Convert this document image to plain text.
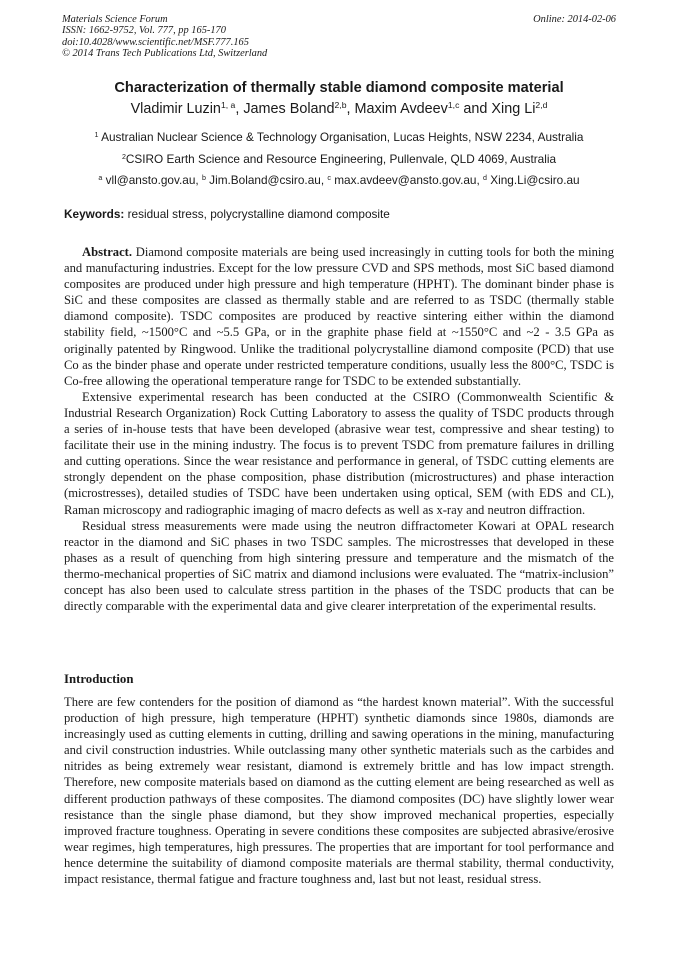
Materials Science Forum
ISSN: 1662-9752, Vol. 777, pp 165-170
doi:10.4028/www.scientific.net/MSF.777.165
© 2014 Trans Tech Publications Ltd, Switzerland
Online: 2014-02-06
Characterization of thermally stable diamond composite material
Vladimir Luzin$^{1, a}$, James Boland$^{2,b}$, Maxim Avdeev$^{1,c}$ and Xing Li$^{2,d}$
$^1$ Australian Nuclear Science & Technology Organisation, Lucas Heights, NSW 2234, Australia
$^2$CSIRO Earth Science and Resource Engineering, Pullenvale, QLD 4069, Australia
$^a$ vll@ansto.gov.au, $^b$ Jim.Boland@csiro.au, $^c$ max.avdeev@ansto.gov.au, $^d$ Xing.Li@csiro.au
Keywords: residual stress, polycrystalline diamond composite

Abstract. Diamond composite materials are being used increasingly in cutting tools for both the mining and manufacturing industries. Except for the low pressure CVD and SPS methods, most SiC based diamond composites are produced under high pressure and high temperature (HPHT). The dominant binder phase is SiC and these composites are classed as thermally stable and are referred to as TSDC (thermally stable diamond composite). TSDC composites are produced by reactive sintering either within the diamond stability field, ~1500°C and ~5.5 GPa, or in the graphite phase field at ~1550°C and ~2 - 3.5 GPa as originally patented by Ringwood. Unlike the traditional polycrystalline diamond composite (PCD) that use Co as the binder phase and operate under restricted temperature conditions, usually less the 800°C, TSDC is Co-free allowing the operational temperature range for TSDC to be extended substantially.

Extensive experimental research has been conducted at the CSIRO (Commonwealth Scientific & Industrial Research Organization) Rock Cutting Laboratory to assess the quality of TSDC products through a series of in-house tests that have been developed (abrasive wear test, compressive and shear testing) to facilitate their use in the mining industry. The focus is to prevent TSDC from premature failures in drilling and cutting operations. Since the wear resistance and performance in general, of TSDC cutting elements are strongly dependent on the phase composition, phase distribution (microstructures) and phase interaction (microstresses), detailed studies of TSDC have been undertaken using optical, SEM (with EDS and CL), Raman microscopy and radiographic imaging of macro defects as well as x-ray and neutron diffraction.

Residual stress measurements were made using the neutron diffractometer Kowari at OPAL research reactor in the diamond and SiC phases in two TSDC samples. The microstresses that developed in these phases as a result of quenching from high sintering pressure and temperature and the mismatch of the thermo-mechanical properties of SiC matrix and diamond inclusions were evaluated. The “matrix-inclusion” concept has also been used to calculate stress partition in the phases of the TSDC products that can be directly comparable with the experimental data and give clearer interpretation of the experimental results.

Introduction

There are few contenders for the position of diamond as “the hardest known material”. With the successful production of high pressure, high temperature (HPHT) synthetic diamonds since 1980s, diamonds are increasingly used as cutting elements in cutting, drilling and sawing operations in the mining, manufacturing and civil construction industries. While outclassing many other synthetic materials such as the carbides and nitrides as being extremely wear resistant, diamond is extremely brittle and has low impact strength. Therefore, new composite materials based on diamond as the cutting element are being researched as well as different production pathways of these composites. The diamond composites (DC) have slightly lower wear resistance than the single phase diamond, but they show improved mechanical properties, especially improved fracture toughness. Operating in severe conditions these composites are subjected abrasive/erosive wear regimes, high temperatures, high pressures. The properties that are important for tool performance and hence determine the suitability of diamond composite materials are thermal stability, thermal conductivity, impact resistance, thermal fatigue and fracture toughness and, last but not least, residual stress.
